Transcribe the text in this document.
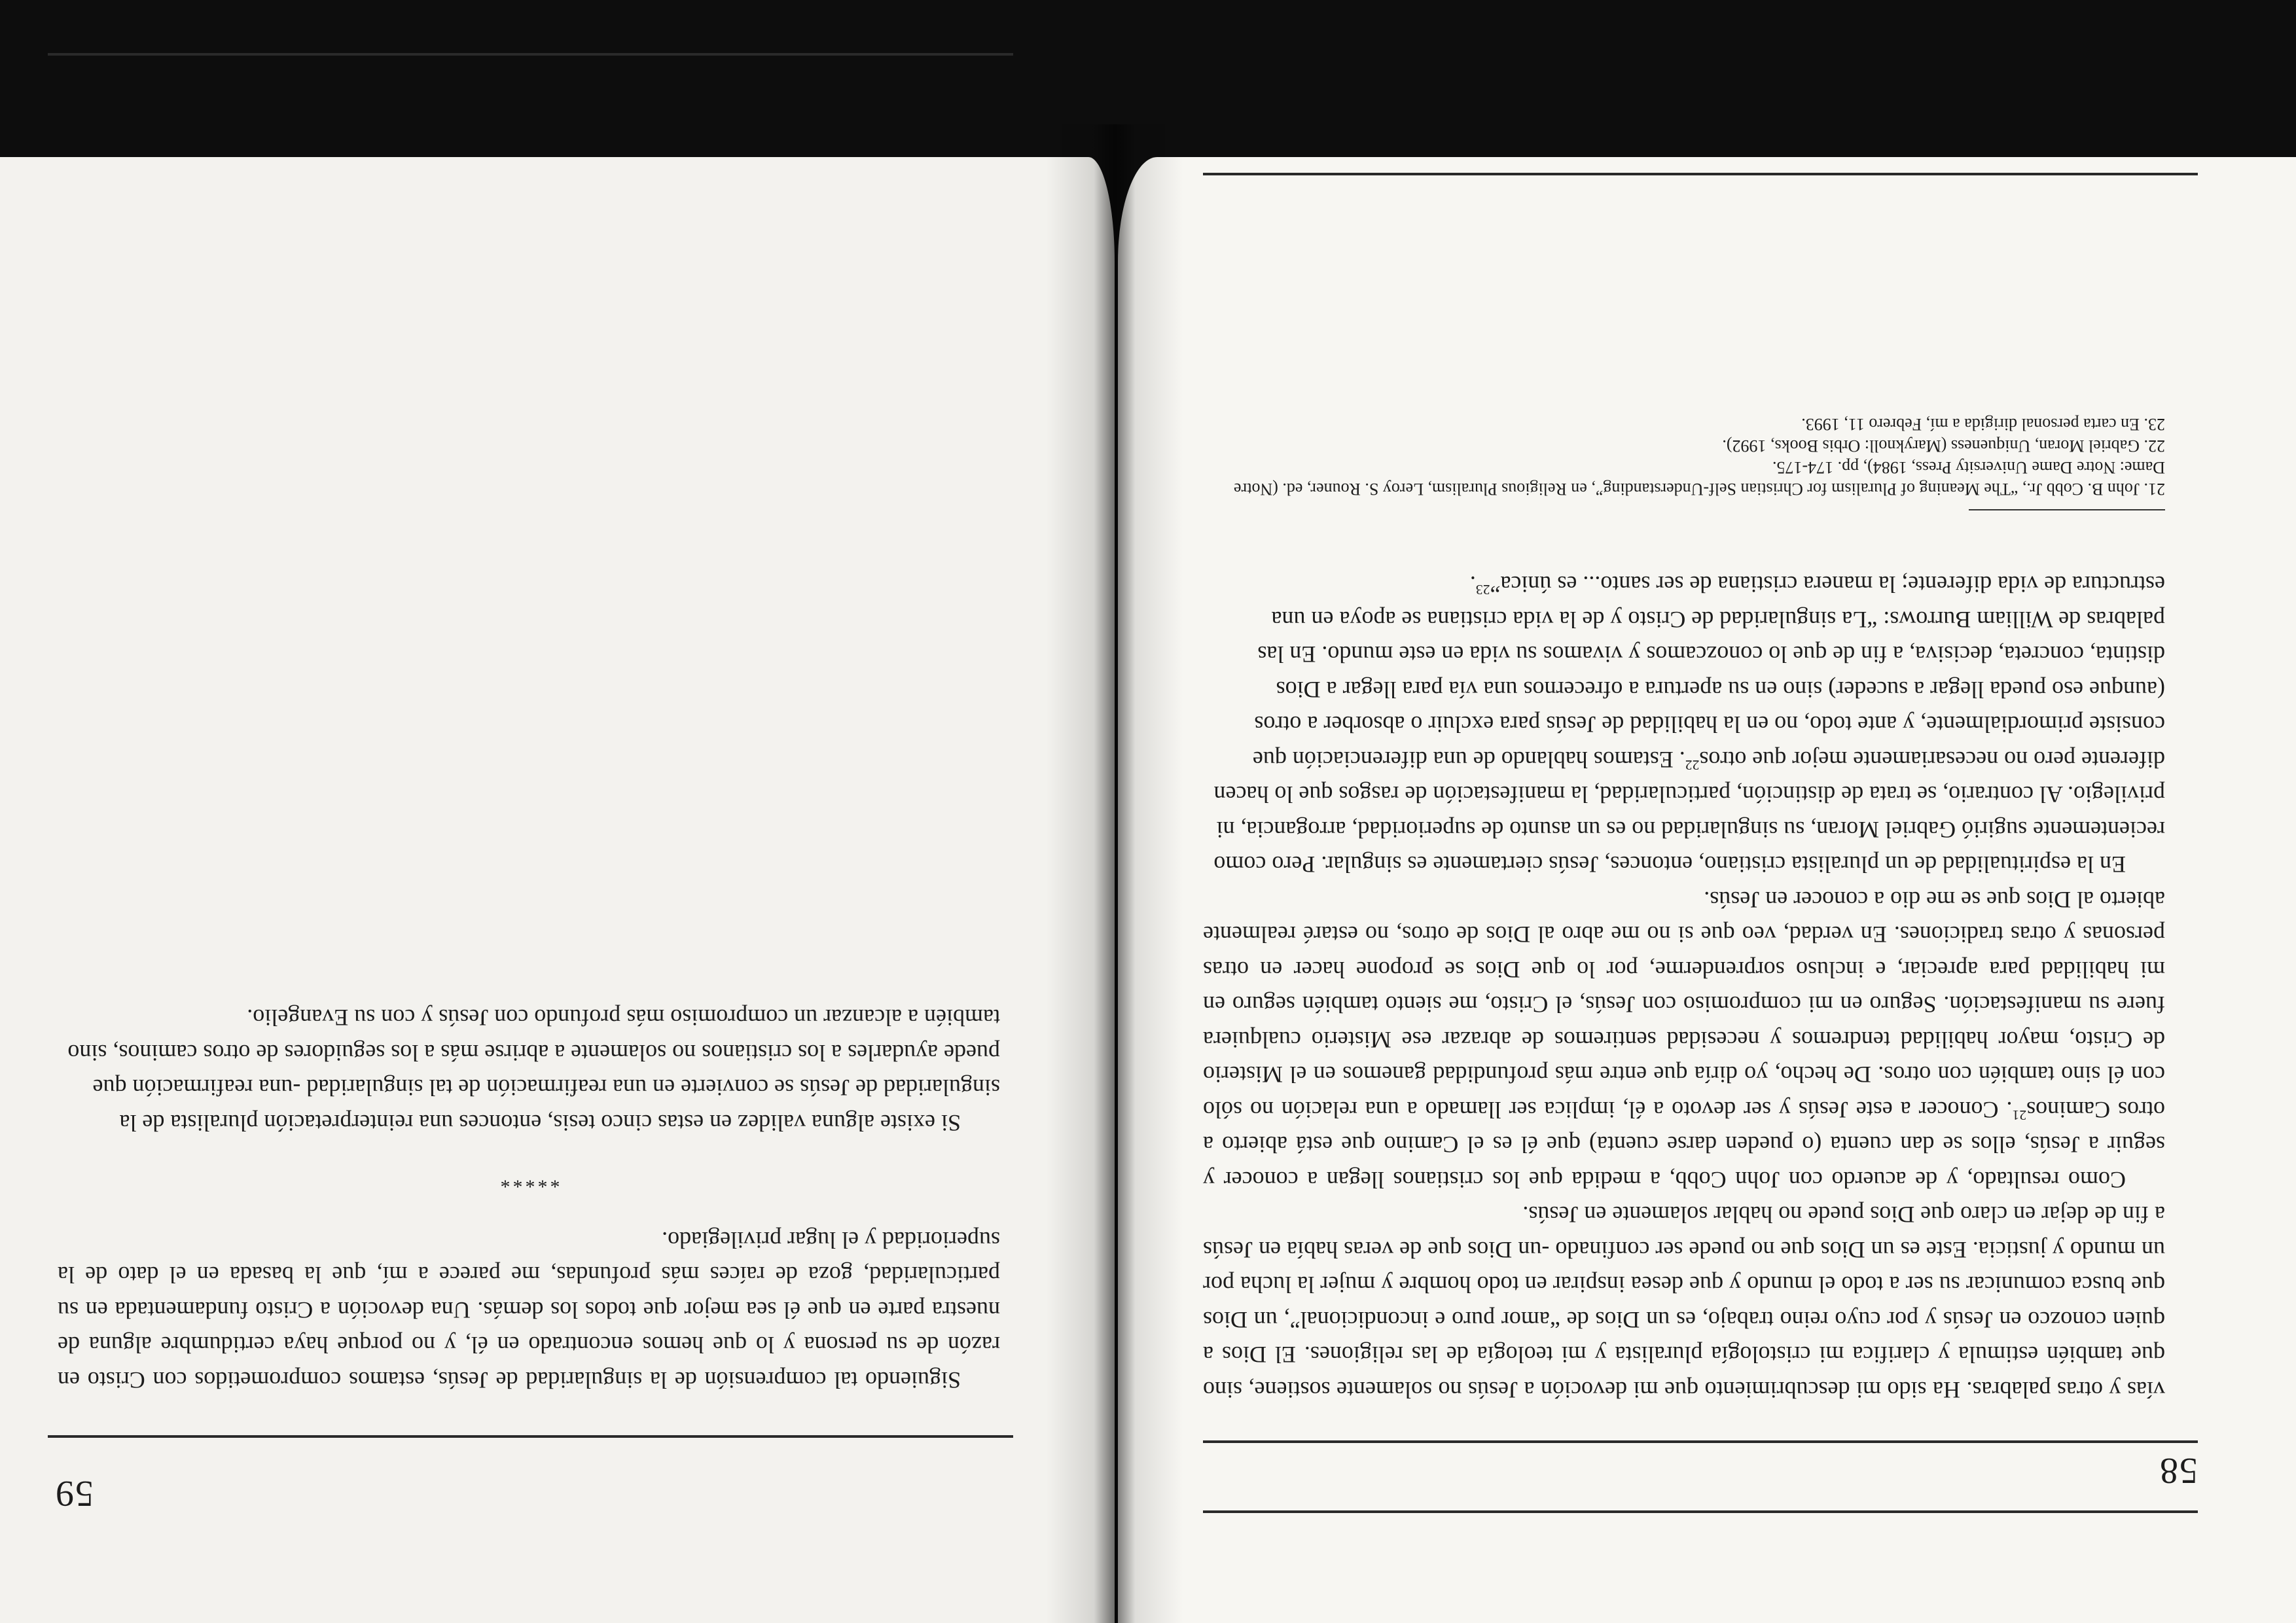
58

vías y otras palabras. Ha sido mi descubrimiento que mi devoción a Jesús no solamente sostiene, sino que también estimula y clarifica mi cristología pluralista y mi teología de las religiones. El Dios a quien conozco en Jesús y por cuyo reino trabajo, es un Dios de “amor puro e incondicional”, un Dios que busca comunicar su ser a todo el mundo y que desea inspirar en todo hombre y mujer la lucha por un mundo y justicia. Este es un Dios que no puede ser confinado -un Dios que de veras había en Jesús a fin de dejar en claro que Dios puede no hablar solamente en Jesús.

Como resultado, y de acuerdo con John Cobb, a medida que los cristianos llegan a conocer y seguir a Jesús, ellos se dan cuenta (o pueden darse cuenta) que él es el Camino que está abierto a otros Caminos$^{21}$. Conocer a este Jesús y ser devoto a él, implica ser llamado a una relación no sólo con él sino también con otros. De hecho, yo diría que entre más profundidad ganemos en el Misterio de Cristo, mayor habilidad tendremos y necesidad sentiremos de abrazar ese Misterio cualquiera fuere su manifestación. Seguro en mi compromiso con Jesús, el Cristo, me siento también seguro en mi habilidad para apreciar, e incluso sorprenderme, por lo que Dios se propone hacer en otras personas y otras tradiciones. En verdad, veo que si no me abro al Dios de otros, no estaré realmente abierto al Dios que se me dio a conocer en Jesús.

En la espiritualidad de un pluralista cristiano, entonces, Jesús ciertamente es singular. Pero como recientemente sugirió Gabriel Moran, su singularidad no es un asunto de superioridad, arrogancia, ni privilegio. Al contrario, se trata de distinción, particularidad, la manifestación de rasgos que lo hacen diferente pero no necesariamente mejor que otros$^{22}$. Estamos hablando de una diferenciación que consiste primordialmente, y ante todo, no en la habilidad de Jesús para excluir o absorber a otros (aunque eso pueda llegar a suceder) sino en su apertura a ofrecernos una vía para llegar a Dios distinta, concreta, decisiva, a fin de que lo conozcamos y vivamos su vida en este mundo. En las palabras de William Burrows: “La singularidad de Cristo y de la vida cristiana se apoya en una estructura de vida diferente; la manera cristiana de ser santo... es única”$^{23}$.

21. John B. Cobb Jr., “The Meaning of Pluralism for Christian Self-Understanding”, en Religious Pluralism, Leroy S. Rouner, ed. (Notre Dame: Notre Dame University Press, 1984), pp. 174-175.

22. Gabriel Moran, Uniqueness (Maryknoll: Orbis Books, 1992).

23. En carta personal dirigida a mí, Febrero 11, 1993.

59

Siguiendo tal comprensión de la singularidad de Jesús, estamos comprometidos con Cristo en razón de su persona y lo que hemos encontrado en él, y no porque haya certidumbre alguna de nuestra parte en que él sea mejor que todos los demás. Una devoción a Cristo fundamentada en su particularidad, goza de raíces más profundas, me parece a mí, que la basada en el dato de la superioridad y el lugar privilegiado.

*****

Si existe alguna validez en estas cinco tesis, entonces una reinterpretación pluralista de la singularidad de Jesús se convierte en una reafirmación de tal singularidad -una reafirmación que puede ayudarles a los cristianos no solamente a abrirse más a los seguidores de otros caminos, sino también a alcanzar un compromiso más profundo con Jesús y con su Evangelio.
